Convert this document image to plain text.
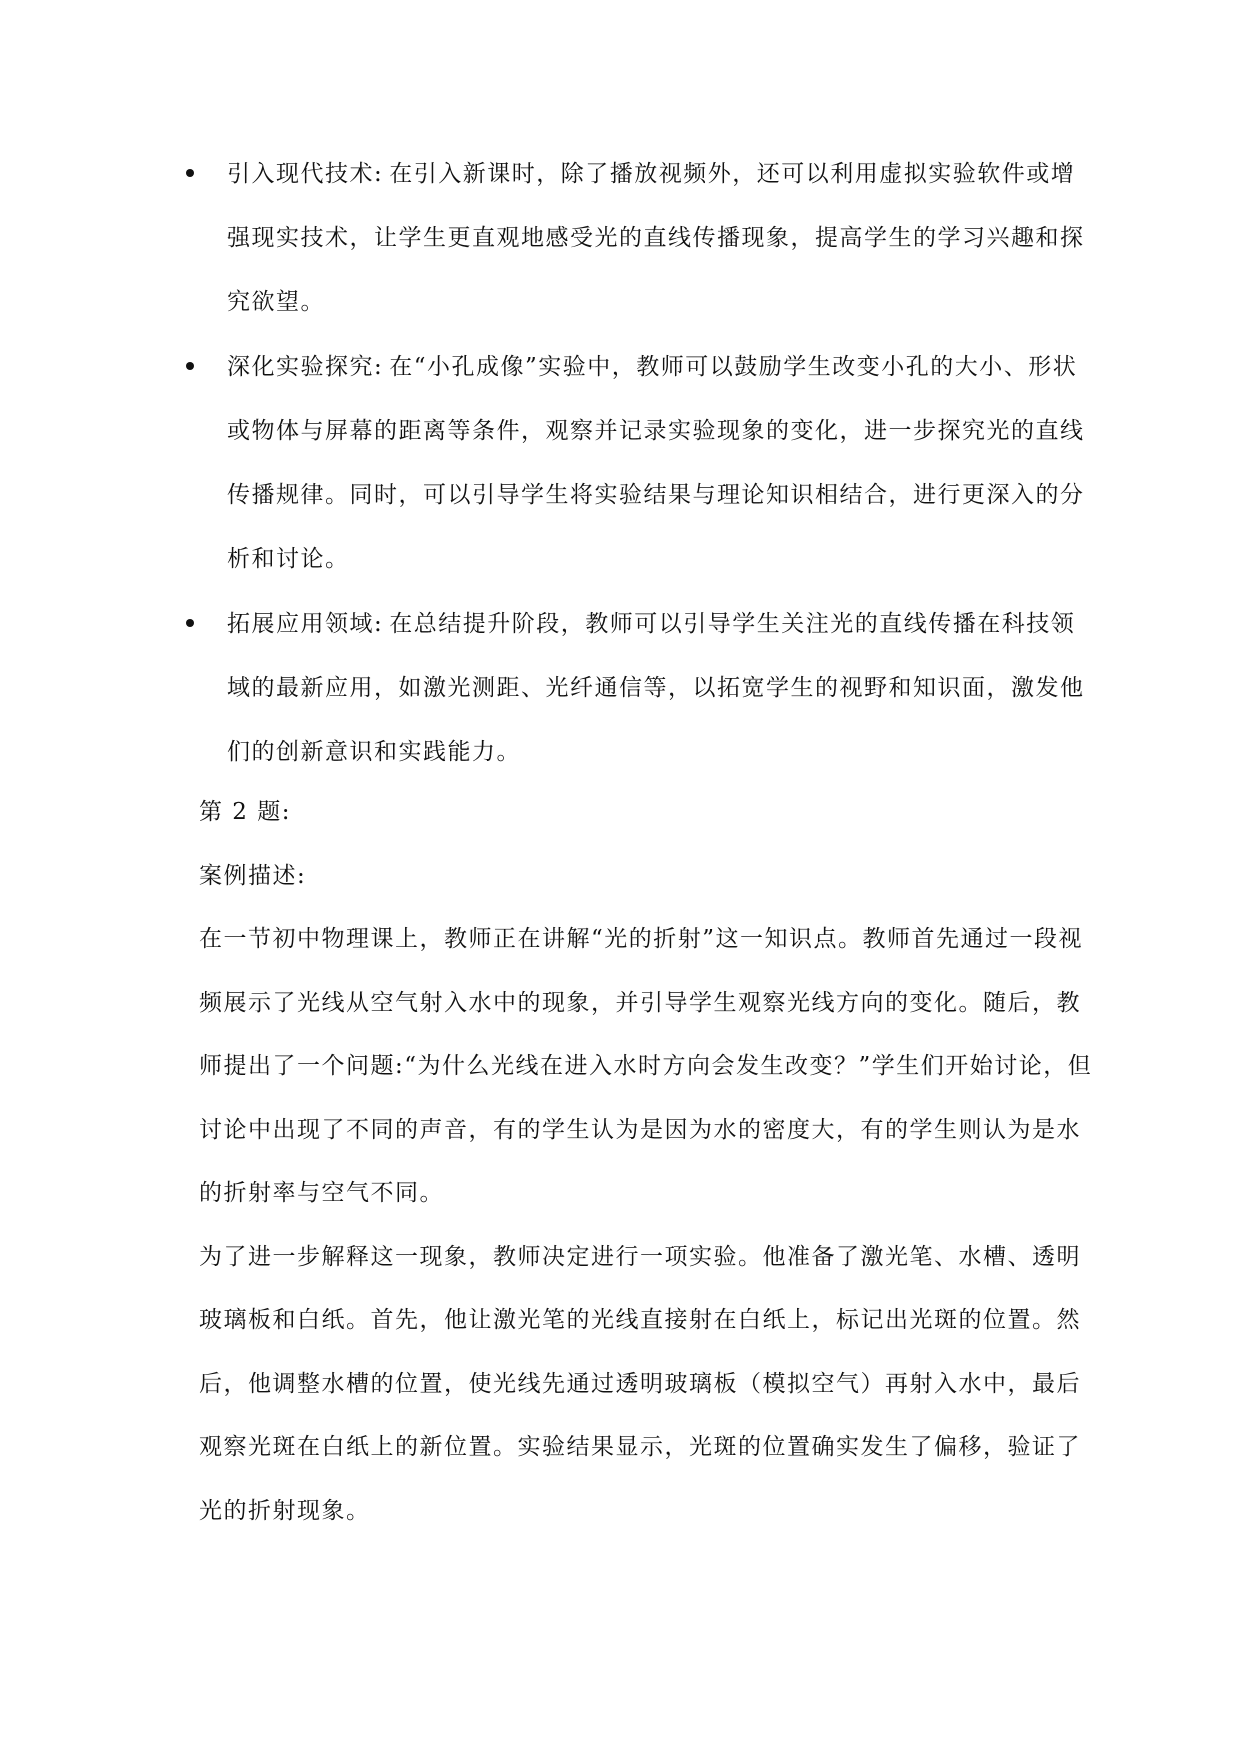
引入现代技术: 在引入新课时，除了播放视频外，还可以利用虚拟实验软件或增强现实技术，让学生更直观地感受光的直线传播现象，提高学生的学习兴趣和探究欲望。
深化实验探究: 在“小孔成像”实验中，教师可以鼓励学生改变小孔的大小、形状或物体与屏幕的距离等条件，观察并记录实验现象的变化，进一步探究光的直线传播规律。同时，可以引导学生将实验结果与理论知识相结合，进行更深入的分析和讨论。
拓展应用领域: 在总结提升阶段，教师可以引导学生关注光的直线传播在科技领域的最新应用，如激光测距、光纤通信等，以拓宽学生的视野和知识面，激发他们的创新意识和实践能力。

第 2 题:

案例描述:

在一节初中物理课上，教师正在讲解“光的折射”这一知识点。教师首先通过一段视频展示了光线从空气射入水中的现象，并引导学生观察光线方向的变化。随后，教师提出了一个问题:“为什么光线在进入水时方向会发生改变？”学生们开始讨论，但讨论中出现了不同的声音，有的学生认为是因为水的密度大，有的学生则认为是水的折射率与空气不同。

为了进一步解释这一现象，教师决定进行一项实验。他准备了激光笔、水槽、透明玻璃板和白纸。首先，他让激光笔的光线直接射在白纸上，标记出光斑的位置。然后，他调整水槽的位置，使光线先通过透明玻璃板（模拟空气）再射入水中，最后观察光斑在白纸上的新位置。实验结果显示，光斑的位置确实发生了偏移，验证了光的折射现象。
